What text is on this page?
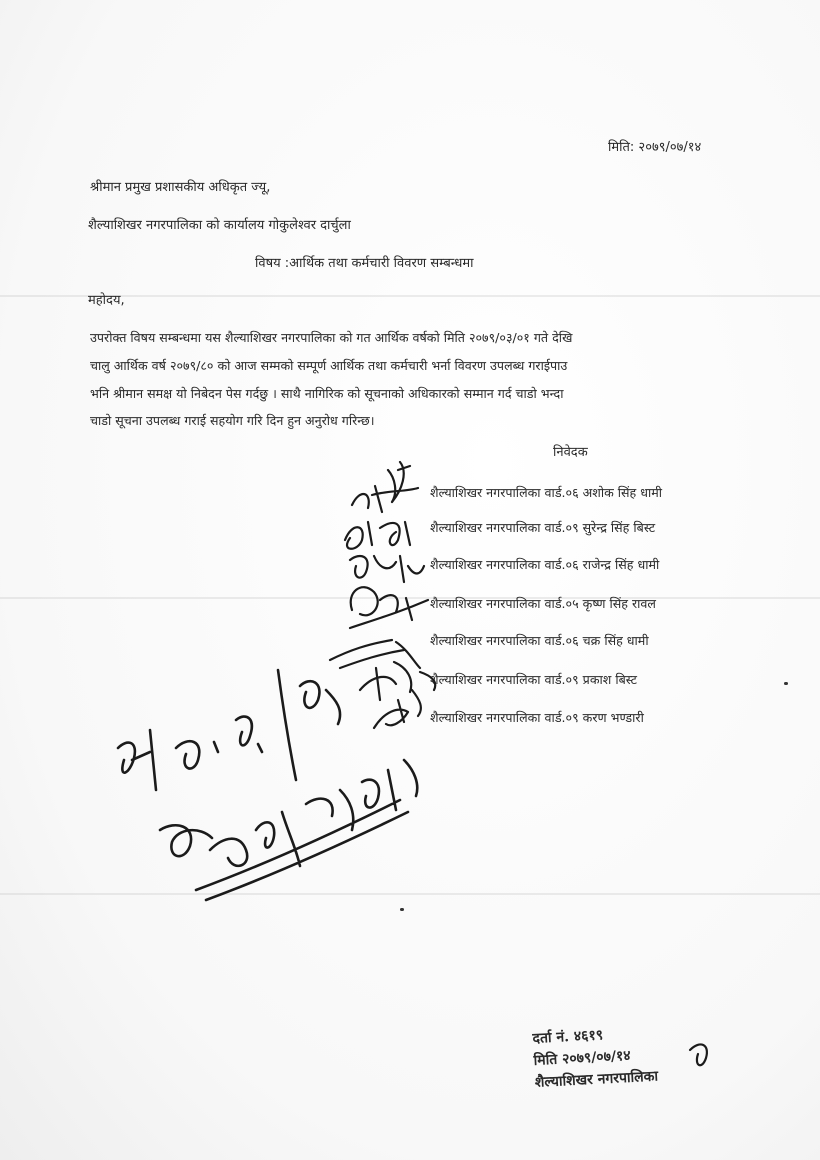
मिति: २०७९/०७/१४
श्रीमान प्रमुख प्रशासकीय अधिकृत ज्यू,
शैल्याशिखर नगरपालिका को कार्यालय गोकुलेश्वर दार्चुला
विषय :आर्थिक तथा कर्मचारी विवरण सम्बन्धमा
महोदय,
उपरोक्त विषय सम्बन्धमा यस शैल्याशिखर नगरपालिका को गत आर्थिक वर्षको मिति २०७९/०३/०१ गते देखि
चालु आर्थिक वर्ष २०७९/८० को आज सम्मको सम्पूर्ण आर्थिक तथा कर्मचारी भर्ना विवरण उपलब्ध गराईपाउ
भनि श्रीमान समक्ष यो निबेदन पेस गर्दछु । साथै नागिरिक को सूचनाको अधिकारको सम्मान गर्द चाडो भन्दा
चाडो सूचना उपलब्ध गराई सहयोग गरि दिन हुन अनुरोध गरिन्छ।
निवेदक
शैल्याशिखर नगरपालिका वार्ड.०६ अशोक सिंह धामी
शैल्याशिखर नगरपालिका वार्ड.०९ सुरेन्द्र सिंह बिस्ट
शैल्याशिखर नगरपालिका वार्ड.०६ राजेन्द्र सिंह धामी
शैल्याशिखर नगरपालिका वार्ड.०५ कृष्ण सिंह रावल
शैल्याशिखर नगरपालिका वार्ड.०६ चक्र सिंह धामी
शैल्याशिखर नगरपालिका वार्ड.०९ प्रकाश बिस्ट
शैल्याशिखर नगरपालिका वार्ड.०९ करण भण्डारी
दर्ता नं. ४६१९
मिति २०७९/०७/१४
शैल्याशिखर नगरपालिका
